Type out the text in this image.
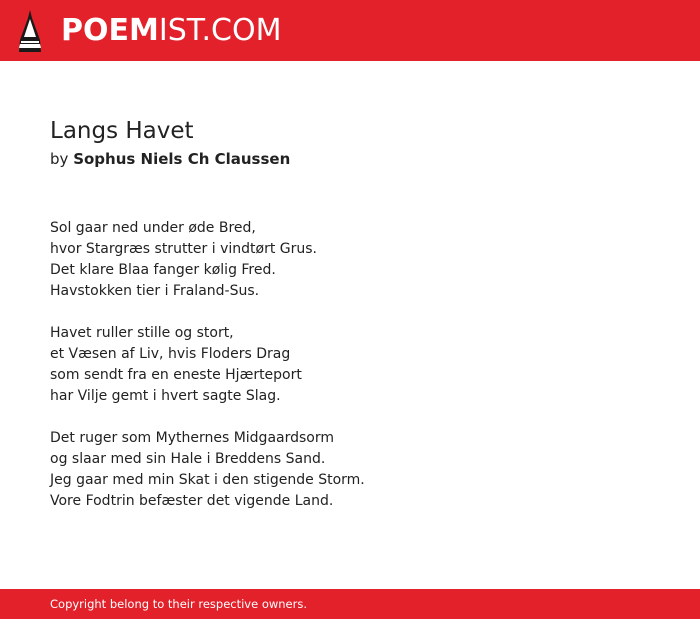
POEMIST.COM
Langs Havet
by Sophus Niels Ch Claussen
Sol gaar ned under øde Bred,
hvor Stargræs strutter i vindtørt Grus.
Det klare Blaa fanger kølig Fred.
Havstokken tier i Fraland-Sus.
Havet ruller stille og stort,
et Væsen af Liv, hvis Floders Drag
som sendt fra en eneste Hjærteport
har Vilje gemt i hvert sagte Slag.
Det ruger som Mythernes Midgaardsorm
og slaar med sin Hale i Breddens Sand.
Jeg gaar med min Skat i den stigende Storm.
Vore Fodtrin befæster det vigende Land.
Copyright belong to their respective owners.
